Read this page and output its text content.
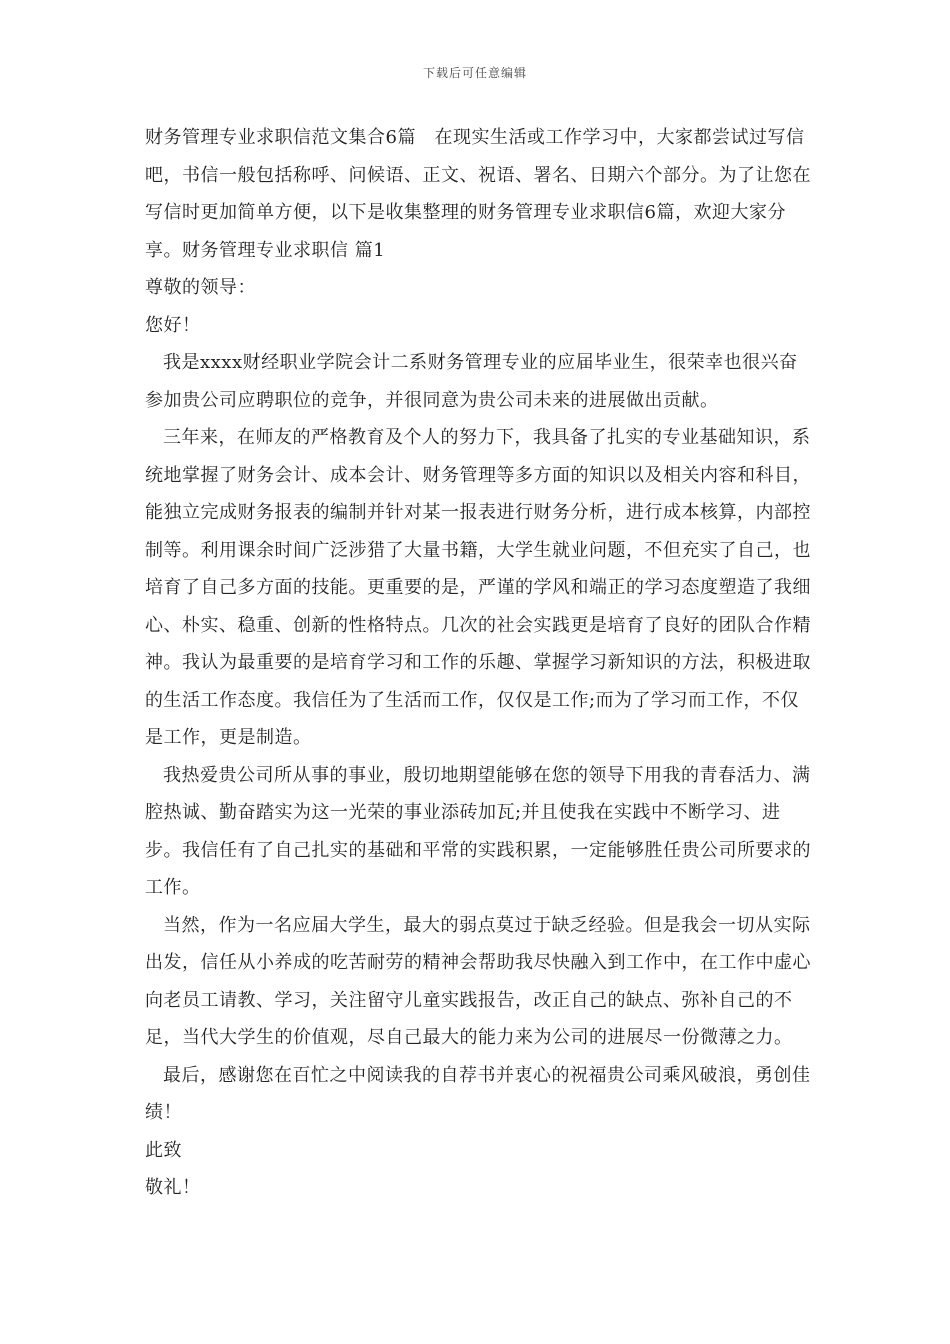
下载后可任意编辑

财务管理专业求职信范文集合6篇　在现实生活或工作学习中，大家都尝试过写信吧，书信一般包括称呼、问候语、正文、祝语、署名、日期六个部分。为了让您在写信时更加简单方便，以下是收集整理的财务管理专业求职信6篇，欢迎大家分享。财务管理专业求职信 篇1

尊敬的领导：

您好！

我是xxxx财经职业学院会计二系财务管理专业的应届毕业生，很荣幸也很兴奋参加贵公司应聘职位的竞争，并很同意为贵公司未来的进展做出贡献。

三年来，在师友的严格教育及个人的努力下，我具备了扎实的专业基础知识，系统地掌握了财务会计、成本会计、财务管理等多方面的知识以及相关内容和科目，能独立完成财务报表的编制并针对某一报表进行财务分析，进行成本核算，内部控制等。利用课余时间广泛涉猎了大量书籍，大学生就业问题，不但充实了自己，也培育了自己多方面的技能。更重要的是，严谨的学风和端正的学习态度塑造了我细心、朴实、稳重、创新的性格特点。几次的社会实践更是培育了良好的团队合作精神。我认为最重要的是培育学习和工作的乐趣、掌握学习新知识的方法，积极进取的生活工作态度。我信任为了生活而工作，仅仅是工作;而为了学习而工作，不仅是工作，更是制造。

我热爱贵公司所从事的事业，殷切地期望能够在您的领导下用我的青春活力、满腔热诚、勤奋踏实为这一光荣的事业添砖加瓦;并且使我在实践中不断学习、进步。我信任有了自己扎实的基础和平常的实践积累，一定能够胜任贵公司所要求的工作。

当然，作为一名应届大学生，最大的弱点莫过于缺乏经验。但是我会一切从实际出发，信任从小养成的吃苦耐劳的精神会帮助我尽快融入到工作中，在工作中虚心向老员工请教、学习，关注留守儿童实践报告，改正自己的缺点、弥补自己的不足，当代大学生的价值观，尽自己最大的能力来为公司的进展尽一份微薄之力。

最后，感谢您在百忙之中阅读我的自荐书并衷心的祝福贵公司乘风破浪，勇创佳绩！

此致

敬礼！
